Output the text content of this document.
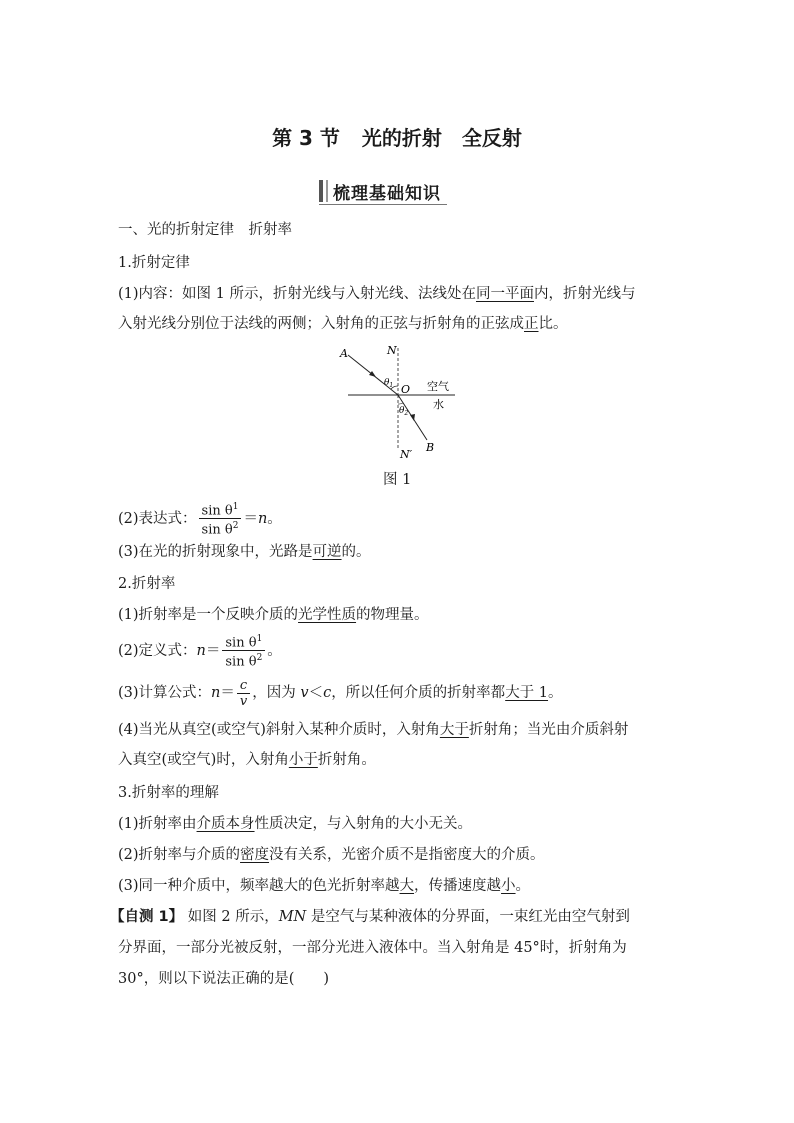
第 3 节 光的折射　全反射
梳理基础知识
一、光的折射定律　折射率
1.折射定律
(1)内容：如图 1 所示，折射光线与入射光线、法线处在同一平面内，折射光线与
入射光线分别位于法线的两侧；入射角的正弦与折射角的正弦成正比。
A	N
O
$\theta_1$
$\theta_2$
B
N′
空气
水
图 1
(2)表达式： $\frac{\sin \theta^1}{\sin \theta^2} =n$。
(3)在光的折射现象中，光路是可逆的。
2.折射率
(1)折射率是一个反映介质的光学性质的物理量。
(2)定义式：$n= \frac{\sin \theta^1}{\sin \theta^2}$ 。
(3)计算公式：$n= \frac{c}{v}$ ，因为 v＜c，所以任何介质的折射率都大于 1。
(4)当光从真空(或空气)斜射入某种介质时，入射角大于折射角；当光由介质斜射
入真空(或空气)时，入射角小于折射角。
3.折射率的理解
(1)折射率由介质本身性质决定，与入射角的大小无关。
(2)折射率与介质的密度没有关系，光密介质不是指密度大的介质。
(3)同一种介质中，频率越大的色光折射率越大，传播速度越小。
【自测 1】 如图 2 所示，MN 是空气与某种液体的分界面，一束红光由空气射到
分界面，一部分光被反射，一部分光进入液体中。当入射角是 45°时，折射角为
30°，则以下说法正确的是(　　)
